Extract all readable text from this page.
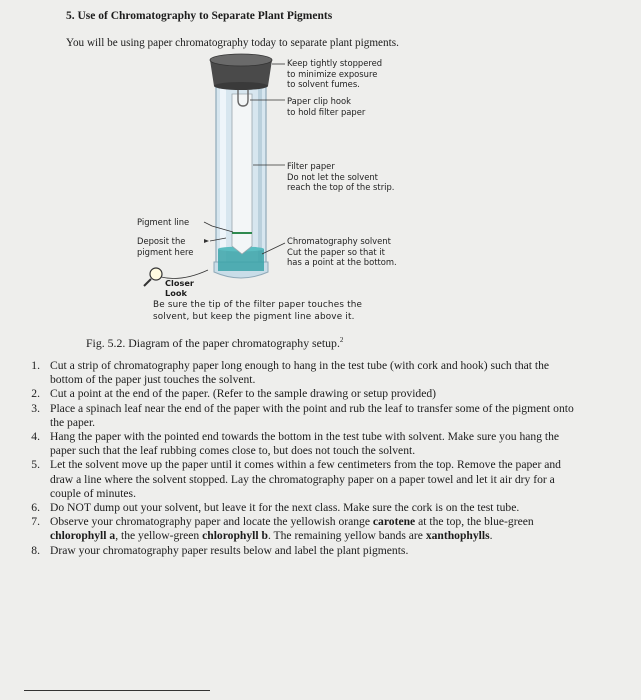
5. Use of Chromatography to Separate Plant Pigments
You will be using paper chromatography today to separate plant pigments.
Keep tightly stoppered
to minimize exposure
to solvent fumes.
Paper clip hook
to hold filter paper
Filter paper
Do not let the solvent
reach the top of the strip.
Pigment line
Deposit the
pigment here
Chromatography solvent
Cut the paper so that it
has a point at the bottom.
Closer
Look
Be sure the tip of the filter paper touches the
solvent, but keep the pigment line above it.
Fig. 5.2. Diagram of the paper chromatography setup.$^2$
1. Cut a strip of chromatography paper long enough to hang in the test tube (with cork and hook) such that the bottom of the paper just touches the solvent.
2. Cut a point at the end of the paper. (Refer to the sample drawing or setup provided)
3. Place a spinach leaf near the end of the paper with the point and rub the leaf to transfer some of the pigment onto the paper.
4. Hang the paper with the pointed end towards the bottom in the test tube with solvent. Make sure you hang the paper such that the leaf rubbing comes close to, but does not touch the solvent.
5. Let the solvent move up the paper until it comes within a few centimeters from the top. Remove the paper and draw a line where the solvent stopped. Lay the chromatography paper on a paper towel and let it air dry for a couple of minutes.
6. Do NOT dump out your solvent, but leave it for the next class. Make sure the cork is on the test tube.
7. Observe your chromatography paper and locate the yellowish orange carotene at the top, the blue-green chlorophyll a, the yellow-green chlorophyll b. The remaining yellow bands are xanthophylls.
8. Draw your chromatography paper results below and label the plant pigments.
